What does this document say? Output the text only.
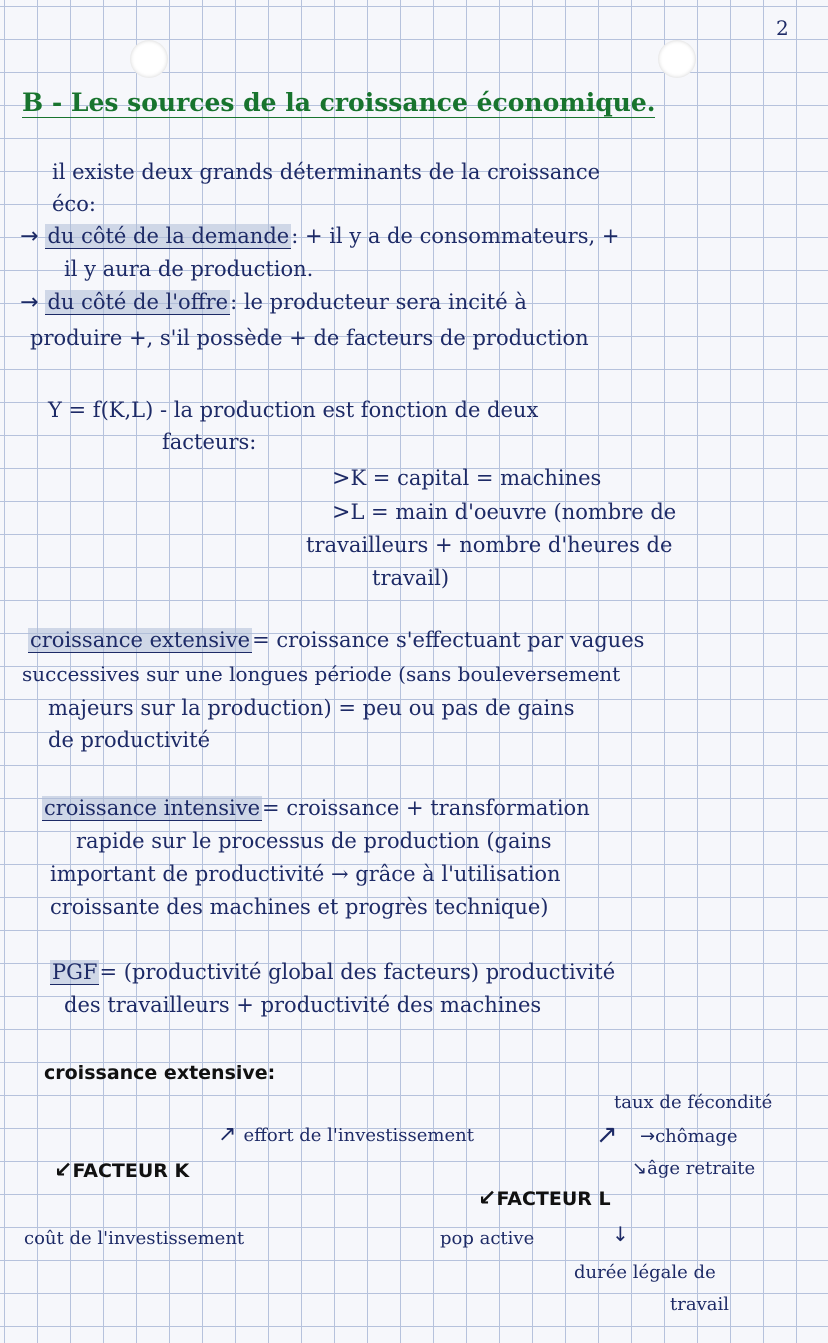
2
B - Les sources de la croissance économique.
il existe deux grands déterminants de la croissance
éco:
→ du côté de la demande: + il y a de consommateurs, +
il y aura de production.
→ du côté de l'offre: le producteur sera incité à
produire +, s'il possède + de facteurs de production
Y = f(K,L) - la production est fonction de deux
facteurs:
>K = capital = machines
>L = main d'oeuvre (nombre de
travailleurs + nombre d'heures de
travail)
croissance extensive= croissance s'effectuant par vagues
successives sur une longues période (sans bouleversement
majeurs sur la production) = peu ou pas de gains
de productivité
croissance intensive= croissance + transformation
rapide sur le processus de production (gains
important de productivité → grâce à l'utilisation
croissante des machines et progrès technique)
PGF= (productivité global des facteurs) productivité
des travailleurs + productivité des machines
croissance extensive:
↗ effort de l'investissement
↙FACTEUR K
coût de l'investissement
taux de fécondité
↗ →chômage
↘âge retraite
↙FACTEUR L
pop active	↓
durée légale de
travail
